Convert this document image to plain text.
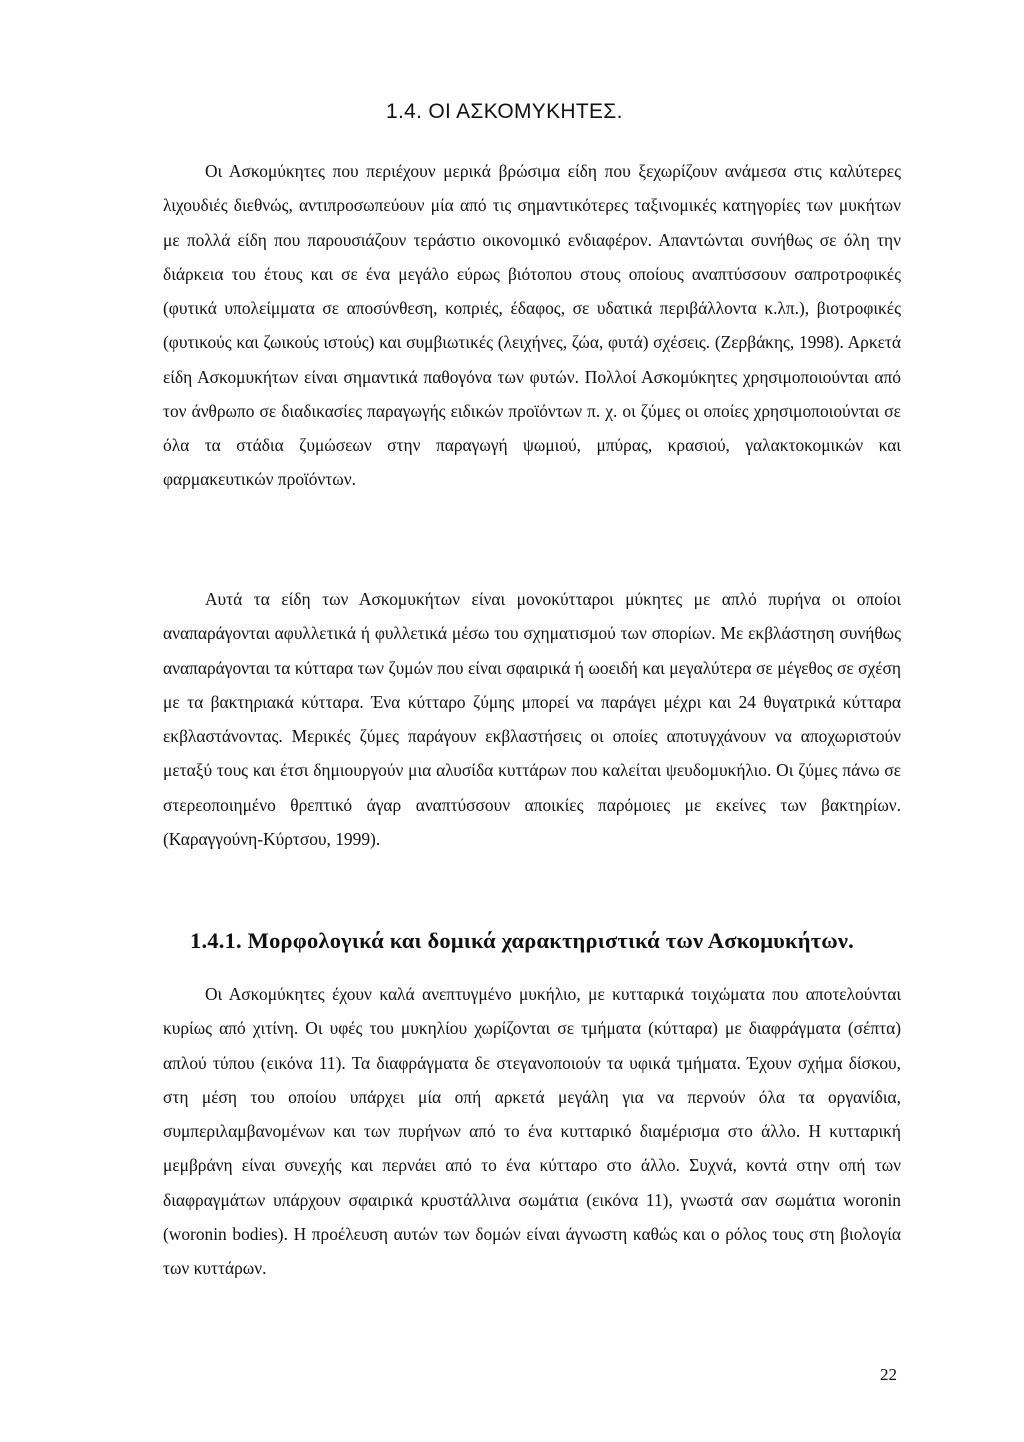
1.4. ΟΙ ΑΣΚΟΜΥΚΗΤΕΣ.

Οι Ασκομύκητες που περιέχουν μερικά βρώσιμα είδη που ξεχωρίζουν ανάμεσα στις καλύτερες λιχουδιές διεθνώς, αντιπροσωπεύουν μία από τις σημαντικότερες ταξινομικές κατηγορίες των μυκήτων με πολλά είδη που παρουσιάζουν τεράστιο οικονομικό ενδιαφέρον. Απαντώνται συνήθως σε όλη την διάρκεια του έτους και σε ένα μεγάλο εύρως βιότοπου στους οποίους αναπτύσσουν σαπροτροφικές (φυτικά υπολείμματα σε αποσύνθεση, κοπριές, έδαφος, σε υδατικά περιβάλλοντα κ.λπ.), βιοτροφικές (φυτικούς και ζωικούς ιστούς) και συμβιωτικές (λειχήνες, ζώα, φυτά) σχέσεις. (Ζερβάκης, 1998). Αρκετά είδη Ασκομυκήτων είναι σημαντικά παθογόνα των φυτών. Πολλοί Ασκομύκητες χρησιμοποιούνται από τον άνθρωπο σε διαδικασίες παραγωγής ειδικών προϊόντων π. χ. οι ζύμες οι οποίες χρησιμοποιούνται σε όλα τα στάδια ζυμώσεων στην παραγωγή ψωμιού, μπύρας, κρασιού, γαλακτοκομικών και φαρμακευτικών προϊόντων.

Αυτά τα είδη των Ασκομυκήτων είναι μονοκύτταροι μύκητες με απλό πυρήνα οι οποίοι αναπαράγονται αφυλλετικά ή φυλλετικά μέσω του σχηματισμού των σπορίων. Με εκβλάστηση συνήθως αναπαράγονται τα κύτταρα των ζυμών που είναι σφαιρικά ή ωοειδή και μεγαλύτερα σε μέγεθος σε σχέση με τα βακτηριακά κύτταρα. Ένα κύτταρο ζύμης μπορεί να παράγει μέχρι και 24 θυγατρικά κύτταρα εκβλαστάνοντας. Μερικές ζύμες παράγουν εκβλαστήσεις οι οποίες αποτυγχάνουν να αποχωριστούν μεταξύ τους και έτσι δημιουργούν μια αλυσίδα κυττάρων που καλείται ψευδομυκήλιο. Οι ζύμες πάνω σε στερεοποιημένο θρεπτικό άγαρ αναπτύσσουν αποικίες παρόμοιες με εκείνες των βακτηρίων. (Καραγγούνη-Κύρτσου, 1999).

1.4.1. Μορφολογικά και δομικά χαρακτηριστικά των Ασκομυκήτων.

Οι Ασκομύκητες έχουν καλά ανεπτυγμένο μυκήλιο, με κυτταρικά τοιχώματα που αποτελούνται κυρίως από χιτίνη. Οι υφές του μυκηλίου χωρίζονται σε τμήματα (κύτταρα) με διαφράγματα (σέπτα) απλού τύπου (εικόνα 11). Τα διαφράγματα δε στεγανοποιούν τα υφικά τμήματα. Έχουν σχήμα δίσκου, στη μέση του οποίου υπάρχει μία οπή αρκετά μεγάλη για να περνούν όλα τα οργανίδια, συμπεριλαμβανομένων και των πυρήνων από το ένα κυτταρικό διαμέρισμα στο άλλο. Η κυτταρική μεμβράνη είναι συνεχής και περνάει από το ένα κύτταρο στο άλλο. Συχνά, κοντά στην οπή των διαφραγμάτων υπάρχουν σφαιρικά κρυστάλλινα σωμάτια (εικόνα 11), γνωστά σαν σωμάτια woronin (woronin bodies). Η προέλευση αυτών των δομών είναι άγνωστη καθώς και ο ρόλος τους στη βιολογία των κυττάρων.

22
